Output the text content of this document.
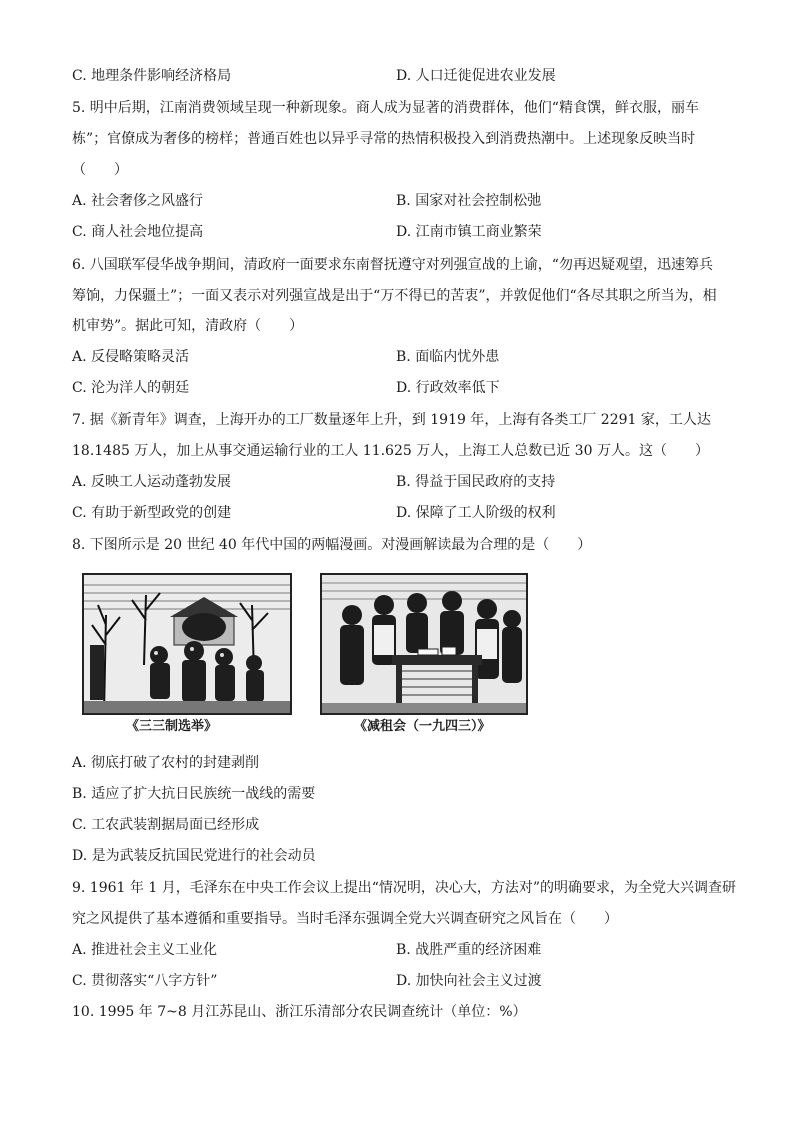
C. 地理条件影响经济格局	D. 人口迁徙促进农业发展
5. 明中后期，江南消费领域呈现一种新现象。商人成为显著的消费群体，他们“精食馔，鲜衣服，丽车
栋”；官僚成为奢侈的榜样；普通百姓也以异乎寻常的热情积极投入到消费热潮中。上述现象反映当时
（　　）
A. 社会奢侈之风盛行	B. 国家对社会控制松弛
C. 商人社会地位提高	D. 江南市镇工商业繁荣
6. 八国联军侵华战争期间，清政府一面要求东南督抚遵守对列强宣战的上谕，“勿再迟疑观望，迅速筹兵
筹饷，力保疆土”；一面又表示对列强宣战是出于“万不得已的苦衷”，并敦促他们“各尽其职之所当为，相
机审势”。据此可知，清政府（　　）
A. 反侵略策略灵活	B. 面临内忧外患
C. 沦为洋人的朝廷	D. 行政效率低下
7. 据《新青年》调查，上海开办的工厂数量逐年上升，到 1919 年，上海有各类工厂 2291 家，工人达
18.1485 万人，加上从事交通运输行业的工人 11.625 万人，上海工人总数已近 30 万人。这（　　）
A. 反映工人运动蓬勃发展	B. 得益于国民政府的支持
C. 有助于新型政党的创建	D. 保障了工人阶级的权利
8. 下图所示是 20 世纪 40 年代中国的两幅漫画。对漫画解读最为合理的是（　　）
《三三制选举》	《减租会（一九四三）》
A. 彻底打破了农村的封建剥削
B. 适应了扩大抗日民族统一战线的需要
C. 工农武装割据局面已经形成
D. 是为武装反抗国民党进行的社会动员
9. 1961 年 1 月，毛泽东在中央工作会议上提出“情况明，决心大，方法对”的明确要求，为全党大兴调查研
究之风提供了基本遵循和重要指导。当时毛泽东强调全党大兴调查研究之风旨在（　　）
A. 推进社会主义工业化	B. 战胜严重的经济困难
C. 贯彻落实“八字方针”	D. 加快向社会主义过渡
10. 1995 年 7~8 月江苏昆山、浙江乐清部分农民调查统计（单位：%）
